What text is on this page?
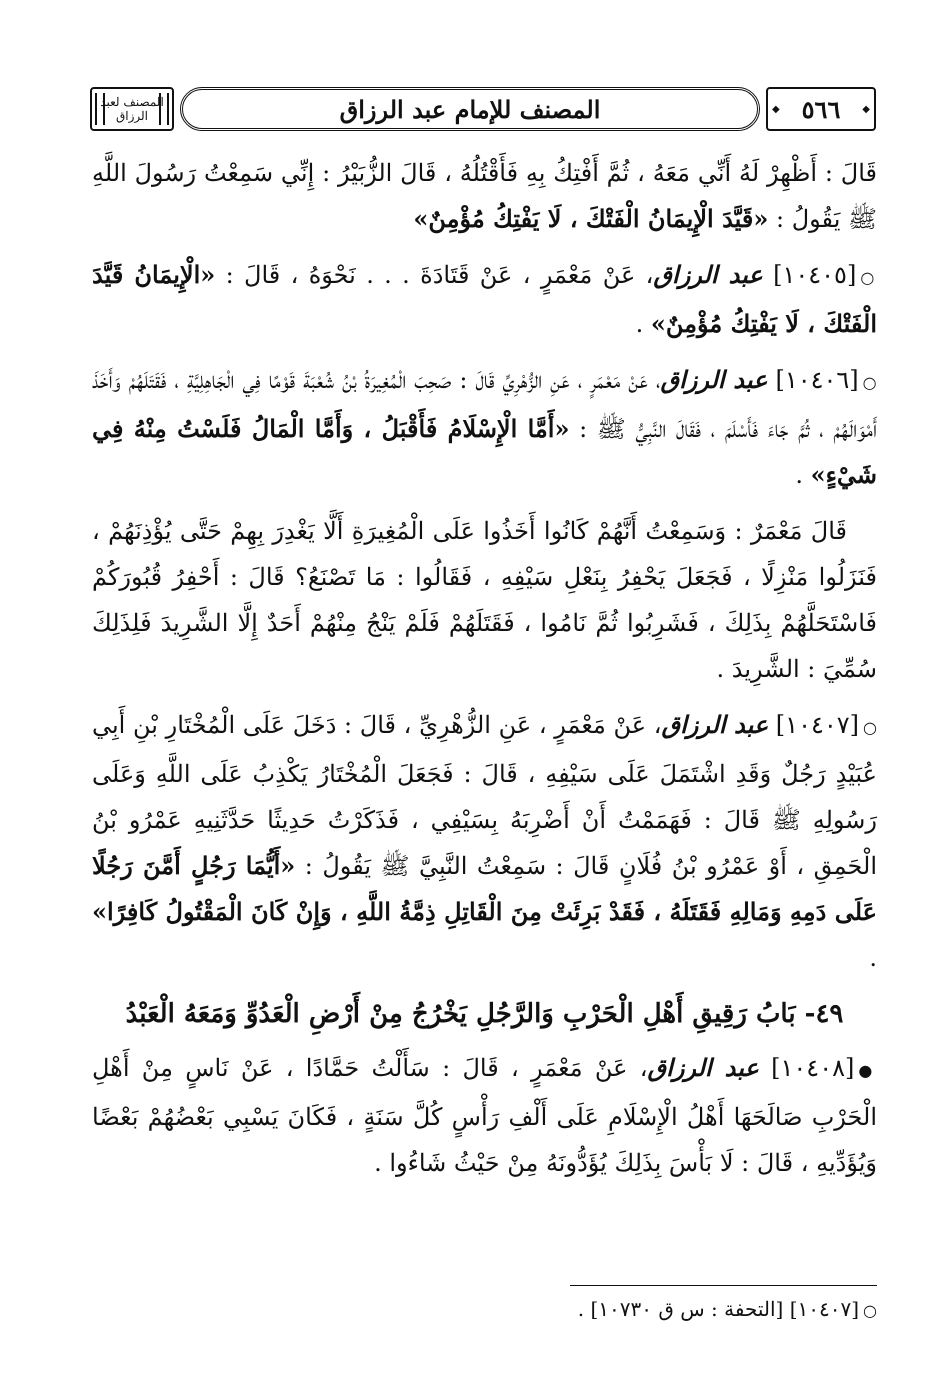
المصنف لعبد الرزاق	المصنف للإمام عبد الرزاق	◆ ٥٦٦
◆

قَالَ : أَظْهِرْ لَهُ أَنِّي مَعَهُ ، ثُمَّ أَفْتِكُ بِهِ فَأَقْتُلُهُ ، قَالَ الزُّبَيْرُ : إِنِّي سَمِعْتُ رَسُولَ اللَّهِ ﷺ يَقُولُ : «قَيَّدَ الْإِيمَانُ الْفَتْكَ ، لَا يَفْتِكُ مُؤْمِنٌ»

○[١٠٤٠٥] عبد الرزاق، عَنْ مَعْمَرٍ ، عَنْ قَتَادَةَ . . . نَحْوَهُ ، قَالَ : «الْإِيمَانُ قَيَّدَ الْفَتْكَ ، لَا يَفْتِكُ مُؤْمِنٌ» .

○[١٠٤٠٦] عبد الرزاق، عَنْ مَعْمَرٍ ، عَنِ الزُّهْرِيِّ قَالَ : صَحِبَ الْمُغِيرَةُ بْنُ شُعْبَةَ قَوْمًا فِي الْجَاهِلِيَّةِ ، فَقَتَلَهُمْ وَأَخَذَ أَمْوَالَهُمْ ، ثُمَّ جَاءَ فَأَسْلَمَ ، فَقَالَ النَّبِيُّ ﷺ : «أَمَّا الْإِسْلَامُ فَأَقْبَلُ ، وَأَمَّا الْمَالُ فَلَسْتُ مِنْهُ فِي شَيْءٍ» .

قَالَ مَعْمَرٌ : وَسَمِعْتُ أَنَّهُمْ كَانُوا أَخَذُوا عَلَى الْمُغِيرَةِ أَلَّا يَغْدِرَ بِهِمْ حَتَّى يُؤْذِنَهُمْ ، فَنَزَلُوا مَنْزِلًا ، فَجَعَلَ يَحْفِرُ بِنَعْلِ سَيْفِهِ ، فَقَالُوا : مَا تَصْنَعُ؟ قَالَ : أَحْفِرُ قُبُورَكُمْ فَاسْتَحَلَّهُمْ بِذَلِكَ ، فَشَرِبُوا ثُمَّ نَامُوا ، فَقَتَلَهُمْ فَلَمْ يَنْجُ مِنْهُمْ أَحَدٌ إِلَّا الشَّرِيدَ فَلِذَلِكَ سُمِّيَ : الشَّرِيدَ .

○[١٠٤٠٧] عبد الرزاق، عَنْ مَعْمَرٍ ، عَنِ الزُّهْرِيِّ ، قَالَ : دَخَلَ عَلَى الْمُخْتَارِ بْنِ أَبِي عُبَيْدٍ رَجُلٌ وَقَدِ اشْتَمَلَ عَلَى سَيْفِهِ ، قَالَ : فَجَعَلَ الْمُخْتَارُ يَكْذِبُ عَلَى اللَّهِ وَعَلَى رَسُولِهِ ﷺ قَالَ : فَهَمَمْتُ أَنْ أَضْرِبَهُ بِسَيْفِي ، فَذَكَرْتُ حَدِيثًا حَدَّثَنِيهِ عَمْرُو بْنُ الْحَمِقِ ، أَوْ عَمْرُو بْنُ فُلَانٍ قَالَ : سَمِعْتُ النَّبِيَّ ﷺ يَقُولُ : «أَيُّمَا رَجُلٍ أَمَّنَ رَجُلًا عَلَى دَمِهِ وَمَالِهِ فَقَتَلَهُ ، فَقَدْ بَرِئَتْ مِنَ الْقَاتِلِ ذِمَّةُ اللَّهِ ، وَإِنْ كَانَ الْمَقْتُولُ كَافِرًا» .

٤٩- بَابُ رَقِيقِ أَهْلِ الْحَرْبِ وَالرَّجُلِ يَخْرُجُ مِنْ أَرْضِ الْعَدُوِّ وَمَعَهُ الْعَبْدُ

●[١٠٤٠٨] عبد الرزاق، عَنْ مَعْمَرٍ ، قَالَ : سَأَلْتُ حَمَّادًا ، عَنْ نَاسٍ مِنْ أَهْلِ الْحَرْبِ صَالَحَهَا أَهْلُ الْإِسْلَامِ عَلَى أَلْفِ رَأْسٍ كُلَّ سَنَةٍ ، فَكَانَ يَسْبِي بَعْضُهُمْ بَعْضًا وَيُؤَدِّيهِ ، قَالَ : لَا بَأْسَ بِذَلِكَ يُؤَدُّونَهُ مِنْ حَيْثُ شَاءُوا .

○[١٠٤٠٧] [التحفة : س ق ١٠٧٣٠] .
